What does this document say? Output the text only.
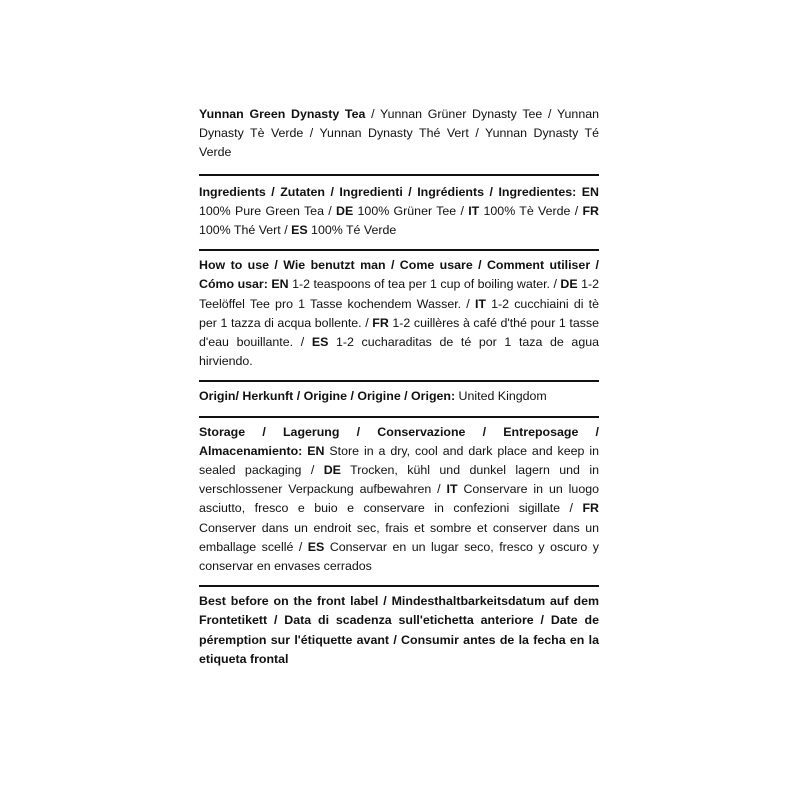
Yunnan Green Dynasty Tea / Yunnan Grüner Dynasty Tee / Yunnan Dynasty Tè Verde / Yunnan Dynasty Thé Vert / Yunnan Dynasty Té Verde
Ingredients / Zutaten / Ingredienti / Ingrédients / Ingredientes: EN 100% Pure Green Tea / DE 100% Grüner Tee / IT 100% Tè Verde / FR 100% Thé Vert / ES 100% Té Verde
How to use / Wie benutzt man / Come usare / Comment utiliser / Cómo usar: EN 1-2 teaspoons of tea per 1 cup of boiling water. / DE 1-2 Teelöffel Tee pro 1 Tasse kochendem Wasser. / IT 1-2 cucchiaini di tè per 1 tazza di acqua bollente. / FR 1-2 cuillères à café d'thé pour 1 tasse d'eau bouillante. / ES 1-2 cucharaditas de té por 1 taza de agua hirviendo.
Origin/ Herkunft / Origine / Origine / Origen: United Kingdom
Storage / Lagerung / Conservazione / Entreposage / Almacenamiento: EN Store in a dry, cool and dark place and keep in sealed packaging / DE Trocken, kühl und dunkel lagern und in verschlossener Verpackung aufbewahren / IT Conservare in un luogo asciutto, fresco e buio e conservare in confezioni sigillate / FR Conserver dans un endroit sec, frais et sombre et conserver dans un emballage scellé / ES Conservar en un lugar seco, fresco y oscuro y conservar en envases cerrados
Best before on the front label / Mindesthaltbarkeitsdatum auf dem Frontetikett / Data di scadenza sull'etichetta anteriore / Date de péremption sur l'étiquette avant / Consumir antes de la fecha en la etiqueta frontal
